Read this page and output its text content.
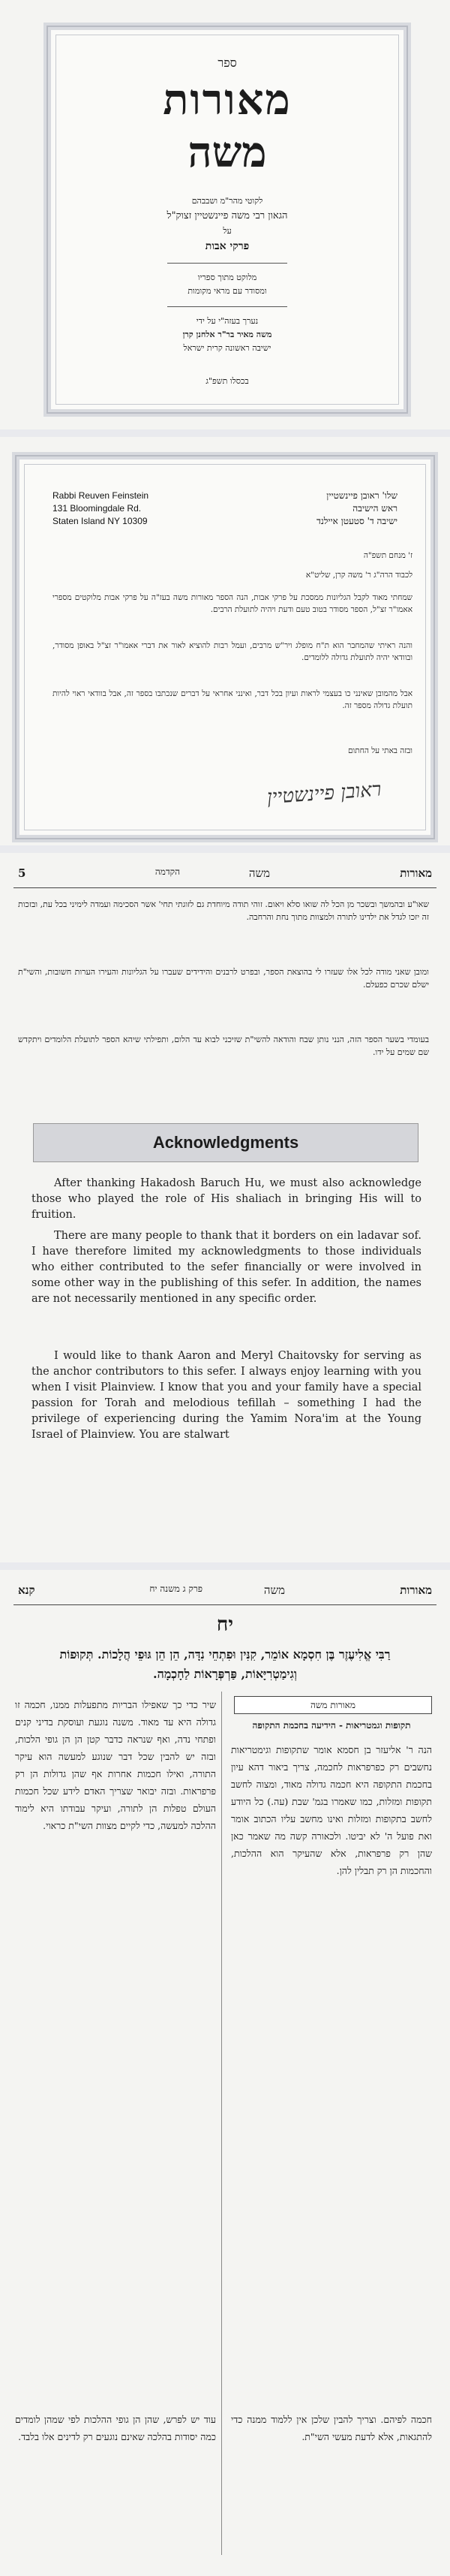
ספר
מאורות
משה
לקוטי מהר"מ ושבבהם
הגאון רבי משה פיינשטיין זצוק"ל
על
פרקי אבות
מלוקט מתוך ספריו
ומסודר עם מראי מקומות
נערך בעזה"י על ידי
משה מאיר בר"ר אלחנן קרן
ישיבה ראשונה קרית ישראל
בכסלו תשפ"ג
Rabbi Reuven Feinstein
131 Bloomingdale Rd.
Staten Island NY 10309
שלו' ראובן פיינשטיין
ראש הישיבה
ישיבה ד' סטעטן איילנד
ז' מנחם תשפ"ה
לכבוד הרה"ג ר' משה קרן, שליט"א
שמחתי מאוד לקבל הגליונות ממסכת על פרקי אבות, הנה הספר מאורות משה בעז"ה על פרקי אבות מלוקטים מספרי אאמו"ר זצ"ל, הספר מסודר בטוב טעם ודעת ויהיה לתועלת הרבים.
והנה ראיתי שהמחבר הוא ת"ח מופלג ויר"ש מרבים, ועמל רבות להוציא לאור את דברי אאמו"ר זצ"ל באופן מסודר, ובוודאי יהיה לתועלת גדולה ללומדים.
אבל מהמובן שאינני כו בעצמי לראות ועיון בכל דבר, ואינני אחראי על דברים שנכתבו בספר זה, אבל בוודאי ראוי להיות תועלת גדולה מספר זה.
ובזה באתי על החתום
ראובן פיינשטיין
מאורות
משה
הקדמה
5
שאו"ע ובהמשך ובשכר מן הכל לה שואו סלא ויאום. זוהי תודה מיוחדת גם לזוגתי תחי' אשר הסכימה ועמדה לימיני בכל עת, ובזכות זה יזכו לגדל את ילדינו לתורה ולמצוות מתוך נחת והרחבה.
ומובן שאני מודה לכל אלו שעזרו לי בהוצאת הספר, ובפרט לרבנים והידידים שעברו על הגליונות והעירו הערות חשובות, והשי"ת ישלם שכרם כפעלם.
בעומדי בשער הספר הזה, הנני נותן שבח והודאה להשי"ת שזיכני לבוא עד הלום, ותפילתי שיהא הספר לתועלת הלומדים ויתקדש שם שמים על ידו.
Acknowledgments
After thanking Hakadosh Baruch Hu, we must also acknowledge those who played the role of His shaliach in bringing His will to fruition.
There are many people to thank that it borders on ein ladavar sof. I have therefore limited my acknowledgments to those individuals who either contributed to the sefer financially or were involved in some other way in the publishing of this sefer. In addition, the names are not necessarily mentioned in any specific order.
I would like to thank Aaron and Meryl Chaitovsky for serving as the anchor contributors to this sefer. I always enjoy learning with you when I visit Plainview. I know that you and your family have a special passion for Torah and melodious tefillah – something I had the privilege of experiencing during the Yamim Nora'im at the Young Israel of Plainview. You are stalwart
מאורות
משה
פרק ג משנה יח
קנא
יח
רַבִּי אֱלִיעֶזֶר בֶּן חִסְמָא אוֹמֵר, קִנִּין וּפִתְחֵי נִדָּה, הֵן הֵן גּוּפֵי הֲלָכוֹת. תְּקוּפוֹת וְגִימַטְרִיָּאוֹת, פַּרְפְּרָאוֹת לַחָכְמָה.
מאורות משה
תקופות וגמטריאות - הידיעה בחכמת התקופה
הנה ר' אליעזר בן חסמא אומר שתקופות וגימטריאות נחשבים רק כפרפראות לחכמה, צריך ביאור דהא עיון בחכמת התקופה היא חכמה גדולה מאוד, ומצוה לחשב תקופות ומזלות, כמו שאמרו בגמ' שבת (עה.) כל היודע לחשב בתקופות ומזלות ואינו מחשב עליו הכתוב אומר ואת פועל ה' לא יביטו. ולכאורה קשה מה שאמר כאן שהן רק פרפראות, אלא שהעיקר הוא ההלכות, והחכמות הן רק תבלין להן.
שיר כדי כך שאפילו הבריות מתפעלות ממנו, חכמה זו גדולה היא עד מאוד. משנה נוגעת ועוסקת בדיני קנים ופתחי נדה, ואף שנראה כדבר קטן הן הן גופי הלכות, ובזה יש להבין שכל דבר שנוגע למעשה הוא עיקר התורה, ואילו חכמות אחרות אף שהן גדולות הן רק פרפראות. ובזה יבואר שצריך האדם לידע שכל חכמות העולם טפלות הן לתורה, ועיקר עבודתו היא לימוד ההלכה למעשה, כדי לקיים מצוות השי"ת כראוי.
חכמה לפיהם. וצריך להבין שלכן אין ללמוד ממנה כדי להתגאות, אלא לדעת מעשי השי"ת.
עוד יש לפרש, שהן הן גופי ההלכות לפי שמהן לומדים כמה יסודות בהלכה שאינם נוגעים רק לדינים אלו בלבד.
